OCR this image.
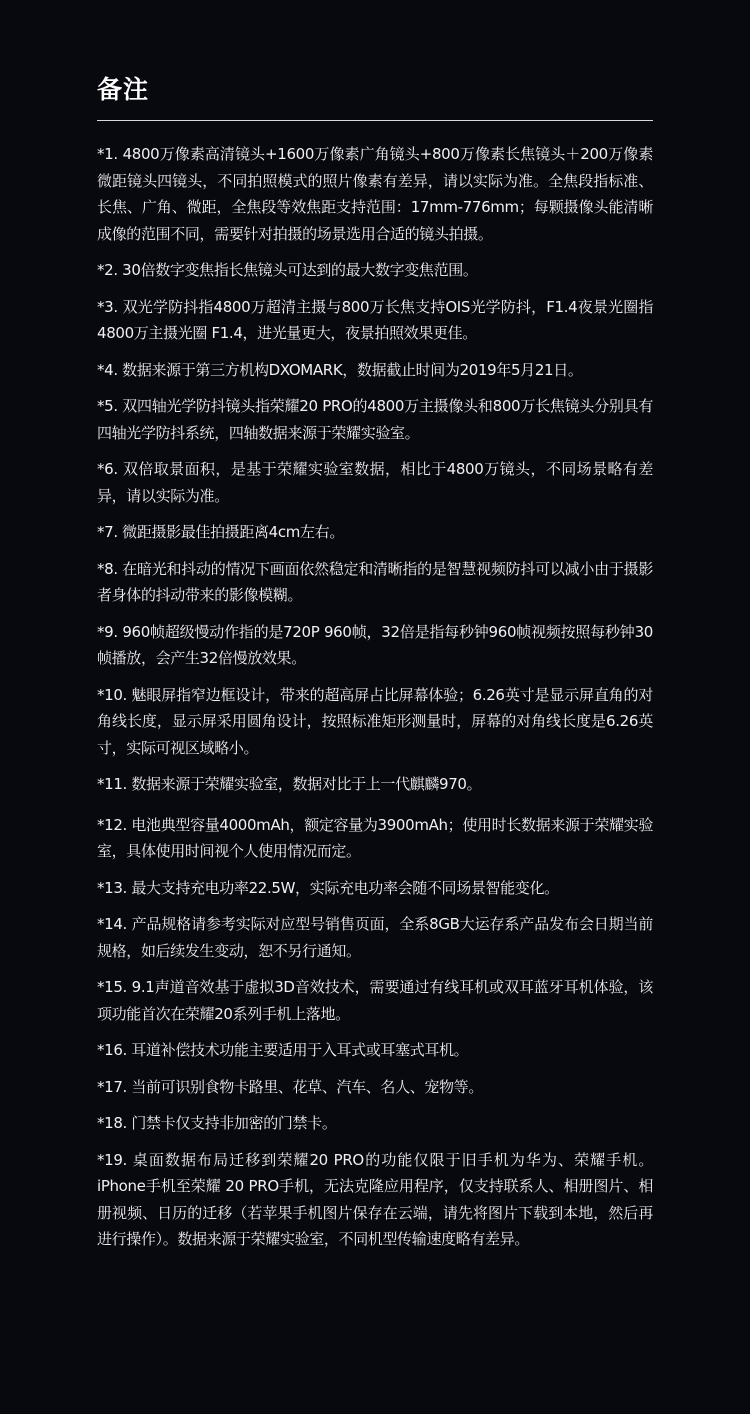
备注

*1. 4800万像素高清镜头+1600万像素广角镜头+800万像素长焦镜头＋200万像素微距镜头四镜头，不同拍照模式的照片像素有差异，请以实际为准。全焦段指标准、长焦、广角、微距，全焦段等效焦距支持范围：17mm-776mm；每颗摄像头能清晰成像的范围不同，需要针对拍摄的场景选用合适的镜头拍摄。

*2. 30倍数字变焦指长焦镜头可达到的最大数字变焦范围。

*3. 双光学防抖指4800万超清主摄与800万长焦支持OIS光学防抖，F1.4夜景光圈指4800万主摄光圈 F1.4，进光量更大，夜景拍照效果更佳。

*4. 数据来源于第三方机构DXOMARK，数据截止时间为2019年5月21日。

*5. 双四轴光学防抖镜头指荣耀20 PRO的4800万主摄像头和800万长焦镜头分别具有四轴光学防抖系统，四轴数据来源于荣耀实验室。

*6. 双倍取景面积，是基于荣耀实验室数据，相比于4800万镜头，不同场景略有差异，请以实际为准。

*7. 微距摄影最佳拍摄距离4cm左右。

*8. 在暗光和抖动的情况下画面依然稳定和清晰指的是智慧视频防抖可以减小由于摄影者身体的抖动带来的影像模糊。

*9. 960帧超级慢动作指的是720P 960帧，32倍是指每秒钟960帧视频按照每秒钟30帧播放，会产生32倍慢放效果。

*10. 魅眼屏指窄边框设计，带来的超高屏占比屏幕体验；6.26英寸是显示屏直角的对角线长度，显示屏采用圆角设计，按照标准矩形测量时，屏幕的对角线长度是6.26英寸，实际可视区域略小。

*11. 数据来源于荣耀实验室，数据对比于上一代麒麟970。

*12. 电池典型容量4000mAh，额定容量为3900mAh；使用时长数据来源于荣耀实验室，具体使用时间视个人使用情况而定。

*13. 最大支持充电功率22.5W，实际充电功率会随不同场景智能变化。

*14. 产品规格请参考实际对应型号销售页面，全系8GB大运存系产品发布会日期当前规格，如后续发生变动，恕不另行通知。

*15. 9.1声道音效基于虚拟3D音效技术，需要通过有线耳机或双耳蓝牙耳机体验，该项功能首次在荣耀20系列手机上落地。

*16. 耳道补偿技术功能主要适用于入耳式或耳塞式耳机。

*17. 当前可识别食物卡路里、花草、汽车、名人、宠物等。

*18. 门禁卡仅支持非加密的门禁卡。

*19. 桌面数据布局迁移到荣耀20 PRO的功能仅限于旧手机为华为、荣耀手机。iPhone手机至荣耀 20 PRO手机，无法克隆应用程序，仅支持联系人、相册图片、相册视频、日历的迁移（若苹果手机图片保存在云端，请先将图片下载到本地，然后再进行操作）。数据来源于荣耀实验室，不同机型传输速度略有差异。
